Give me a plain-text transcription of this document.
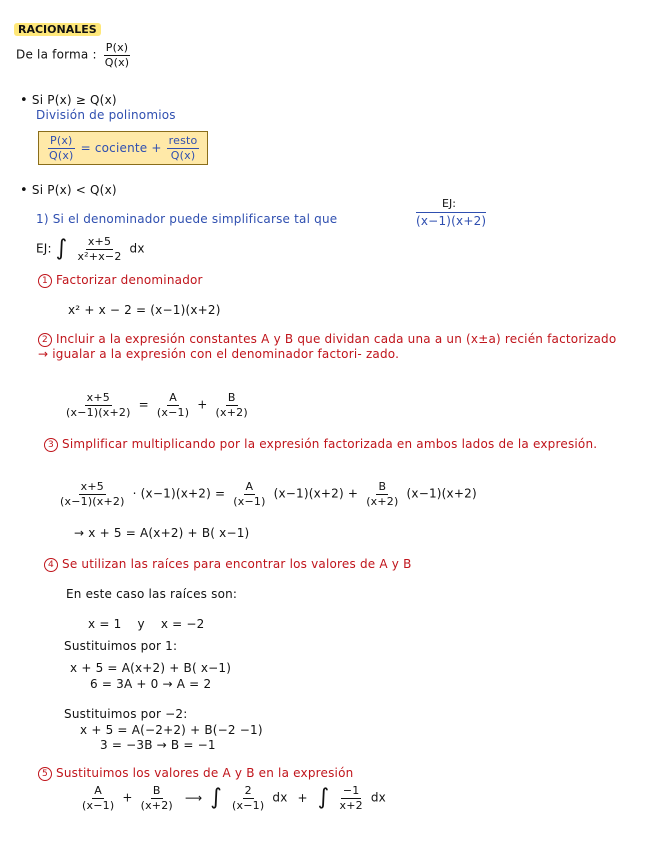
RACIONALES
De la forma : $\frac{P(x)}{Q(x)}$
• Si P(x) ≥ Q(x)
División de polinomios
$\frac{P(x)}{Q(x)}$ = cociente + $\frac{\text{resto}}{Q(x)}$
• Si P(x) < Q(x)
EJ:
1) Si el denominador puede simplificarse tal que	(x−1)(x+2)
EJ: ∫ $\frac{x+5}{\text{x²+x−2}}$ dx
1 Factorizar denominador
x² + x − 2 = (x−1)(x+2)
2 Incluir a la expresión constantes A y B que dividan cada una a un (x±a) recién factorizado → igualar a la expresión con el denominador factori- zado.
$\frac{x+5}{(x-1)(x+2)} = \frac{A}{(x-1)} + \frac{B}{(x+2)}$
3 Simplificar multiplicando por la expresión factorizada en ambos lados de la expresión.
$\frac{x+5}{(x-1)(x+2)} \cdot (x-1)(x+2) = \frac{A}{(x-1)} (x-1)(x+2) + \frac{B}{(x+2)} (x-1)(x+2)$
→ x + 5 = A(x+2) + B( x−1)
4 Se utilizan las raíces para encontrar los valores de A y B
En este caso las raíces son:
x = 1    y    x = −2
Sustituimos por 1:
x + 5 = A(x+2) + B( x−1)
6 = 3A + 0 → A = 2
Sustituimos por −2:
x + 5 = A(−2+2) + B(−2 −1)
3 = −3B → B = −1
5 Sustituimos los valores de A y B en la expresión
$\frac{A}{(x-1)} + \frac{B}{(x+2)}$ ⟶ ∫ $\frac{2}{(x-1)}$ dx + ∫ $\frac{-1}{x+2}$ dx
